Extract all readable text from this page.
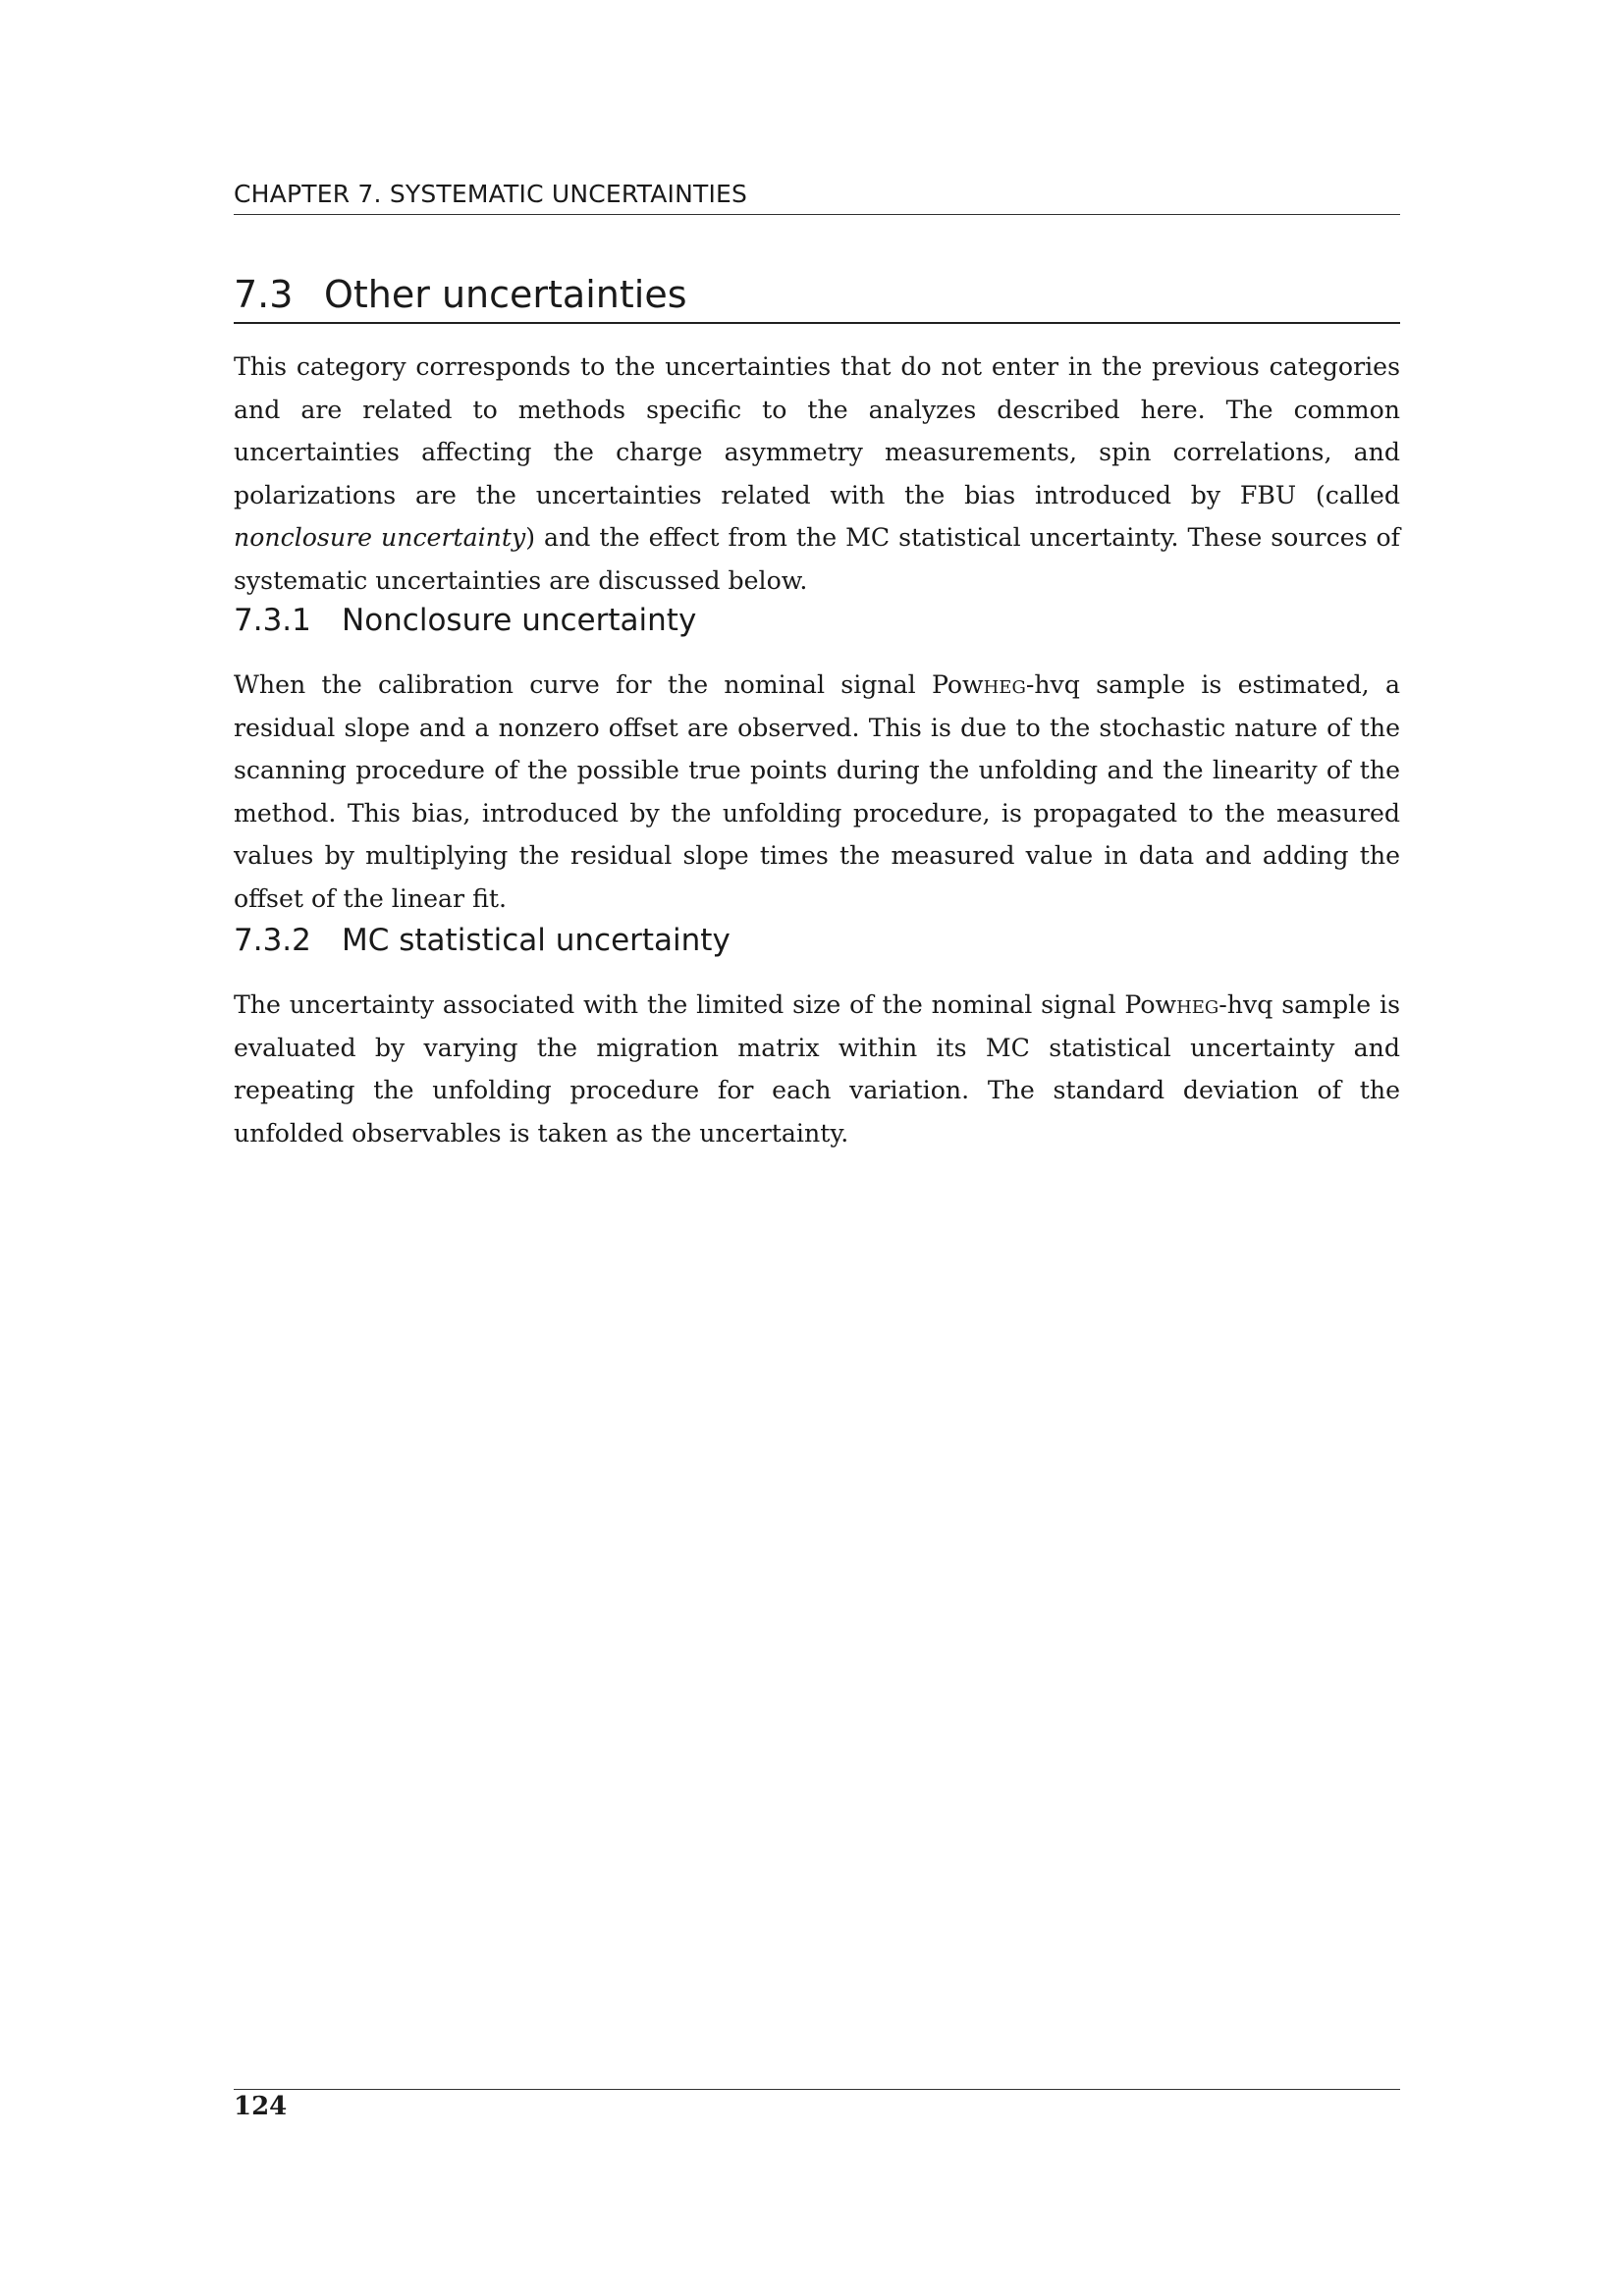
CHAPTER 7. SYSTEMATIC UNCERTAINTIES
7.3 Other uncertainties

This category corresponds to the uncertainties that do not enter in the previous categories and are related to methods specific to the analyzes described here. The common uncertainties affecting the charge asymmetry measurements, spin correlations, and polarizations are the uncertainties related with the bias introduced by FBU (called nonclosure uncertainty) and the effect from the MC statistical uncertainty. These sources of systematic uncertainties are discussed below.

7.3.1 Nonclosure uncertainty

When the calibration curve for the nominal signal Powheg-hvq sample is estimated, a residual slope and a nonzero offset are observed. This is due to the stochastic nature of the scanning procedure of the possible true points during the unfolding and the linearity of the method. This bias, introduced by the unfolding procedure, is propagated to the measured values by multiplying the residual slope times the measured value in data and adding the offset of the linear fit.

7.3.2 MC statistical uncertainty

The uncertainty associated with the limited size of the nominal signal Powheg-hvq sample is evaluated by varying the migration matrix within its MC statistical uncertainty and repeating the unfolding procedure for each variation. The standard deviation of the unfolded observables is taken as the uncertainty.

124
